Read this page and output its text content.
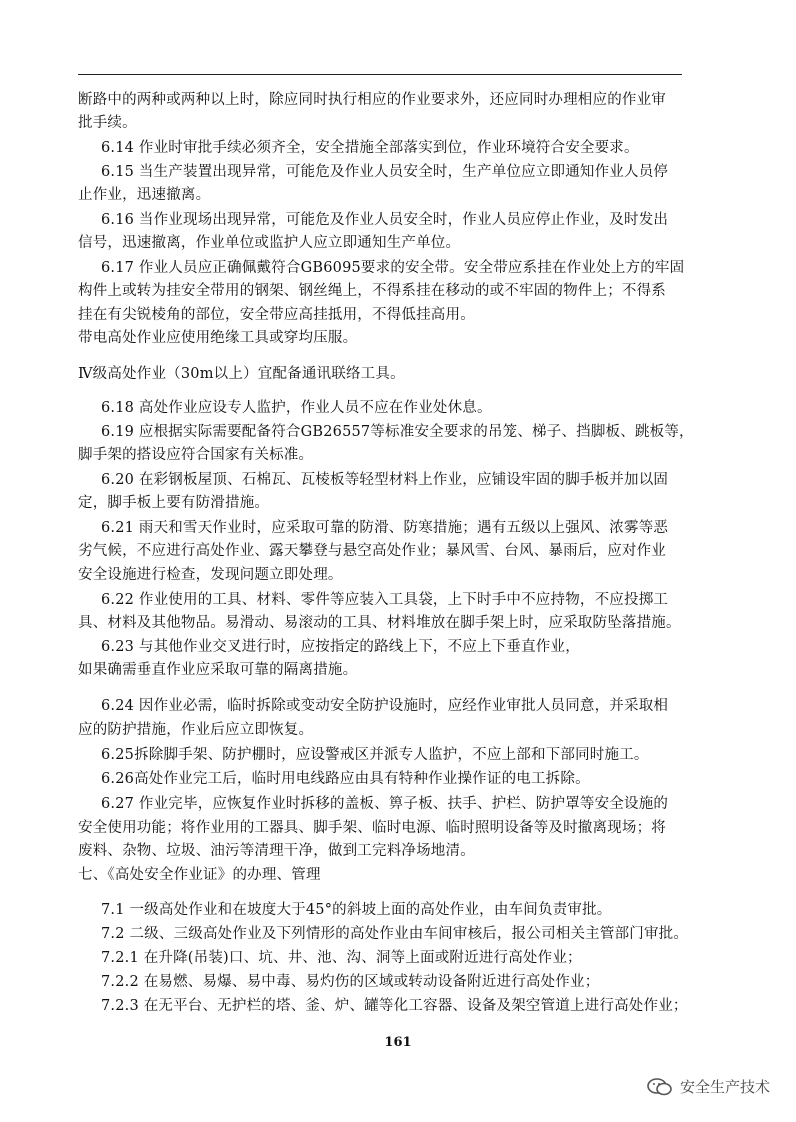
断路中的两种或两种以上时，除应同时执行相应的作业要求外，还应同时办理相应的作业审
批手续。
6.14 作业时审批手续必须齐全，安全措施全部落实到位，作业环境符合安全要求。
6.15 当生产装置出现异常，可能危及作业人员安全时，生产单位应立即通知作业人员停
止作业，迅速撤离。
6.16 当作业现场出现异常，可能危及作业人员安全时，作业人员应停止作业，及时发出
信号，迅速撤离，作业单位或监护人应立即通知生产单位。
6.17 作业人员应正确佩戴符合GB6095要求的安全带。安全带应系挂在作业处上方的牢固
构件上或转为挂安全带用的钢架、钢丝绳上，不得系挂在移动的或不牢固的物件上；不得系
挂在有尖锐棱角的部位，安全带应高挂抵用，不得低挂高用。
带电高处作业应使用绝缘工具或穿均压服。
Ⅳ级高处作业（30m以上）宜配备通讯联络工具。
6.18 高处作业应设专人监护，作业人员不应在作业处休息。
6.19 应根据实际需要配备符合GB26557等标准安全要求的吊笼、梯子、挡脚板、跳板等，
脚手架的搭设应符合国家有关标准。
6.20 在彩钢板屋顶、石棉瓦、瓦棱板等轻型材料上作业，应铺设牢固的脚手板并加以固
定，脚手板上要有防滑措施。
6.21 雨天和雪天作业时，应采取可靠的防滑、防寒措施；遇有五级以上强风、浓雾等恶
劣气候，不应进行高处作业、露天攀登与悬空高处作业；暴风雪、台风、暴雨后，应对作业
安全设施进行检查，发现问题立即处理。
6.22 作业使用的工具、材料、零件等应装入工具袋，上下时手中不应持物，不应投掷工
具、材料及其他物品。易滑动、易滚动的工具、材料堆放在脚手架上时，应采取防坠落措施。
6.23 与其他作业交叉进行时，应按指定的路线上下，不应上下垂直作业，
如果确需垂直作业应采取可靠的隔离措施。
6.24 因作业必需，临时拆除或变动安全防护设施时，应经作业审批人员同意，并采取相
应的防护措施，作业后应立即恢复。
6.25拆除脚手架、防护棚时，应设警戒区并派专人监护，不应上部和下部同时施工。
6.26高处作业完工后，临时用电线路应由具有特种作业操作证的电工拆除。
6.27 作业完毕，应恢复作业时拆移的盖板、箅子板、扶手、护栏、防护罩等安全设施的
安全使用功能；将作业用的工器具、脚手架、临时电源、临时照明设备等及时撤离现场；将
废料、杂物、垃圾、油污等清理干净，做到工完料净场地清。
七、《高处安全作业证》的办理、管理
7.1 一级高处作业和在坡度大于45°的斜坡上面的高处作业，由车间负责审批。
7.2 二级、三级高处作业及下列情形的高处作业由车间审核后，报公司相关主管部门审批。
7.2.1 在升降(吊装)口、坑、井、池、沟、洞等上面或附近进行高处作业；
7.2.2 在易燃、易爆、易中毒、易灼伤的区域或转动设备附近进行高处作业；
7.2.3 在无平台、无护栏的塔、釜、炉、罐等化工容器、设备及架空管道上进行高处作业；
161
安全生产技术
